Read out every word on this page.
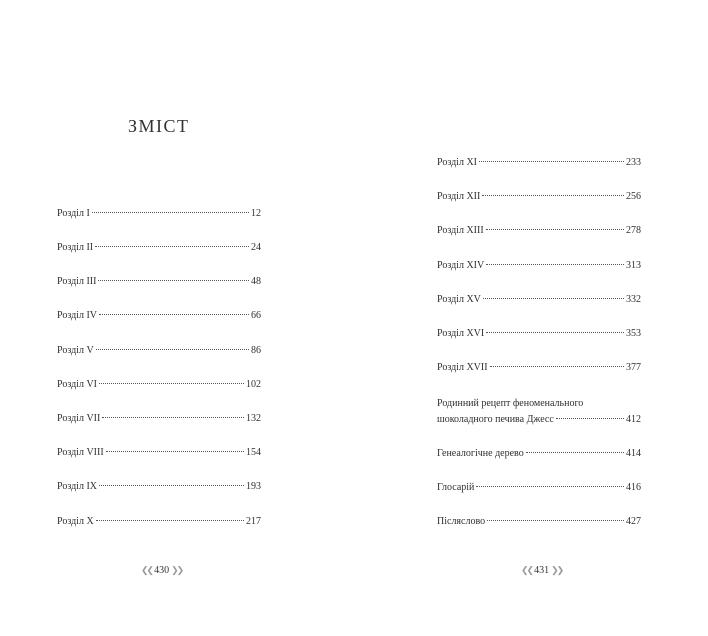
ЗМІСТ
Розділ I	12
Розділ II	24
Розділ III	48
Розділ IV	66
Розділ V	86
Розділ VI	102
Розділ VII	132
Розділ VIII	154
Розділ IX	193
Розділ X	217
❮❮ 430 ❯❯
Розділ XI	233
Розділ XII	256
Розділ XIII	278
Розділ XIV	313
Розділ XV	332
Розділ XVI	353
Розділ XVII	377
Родинний рецепт феноменального
шоколадного печива Джесс	412
Генеалогічне дерево	414
Глосарій	416
Післяслово	427
❮❮ 431 ❯❯
